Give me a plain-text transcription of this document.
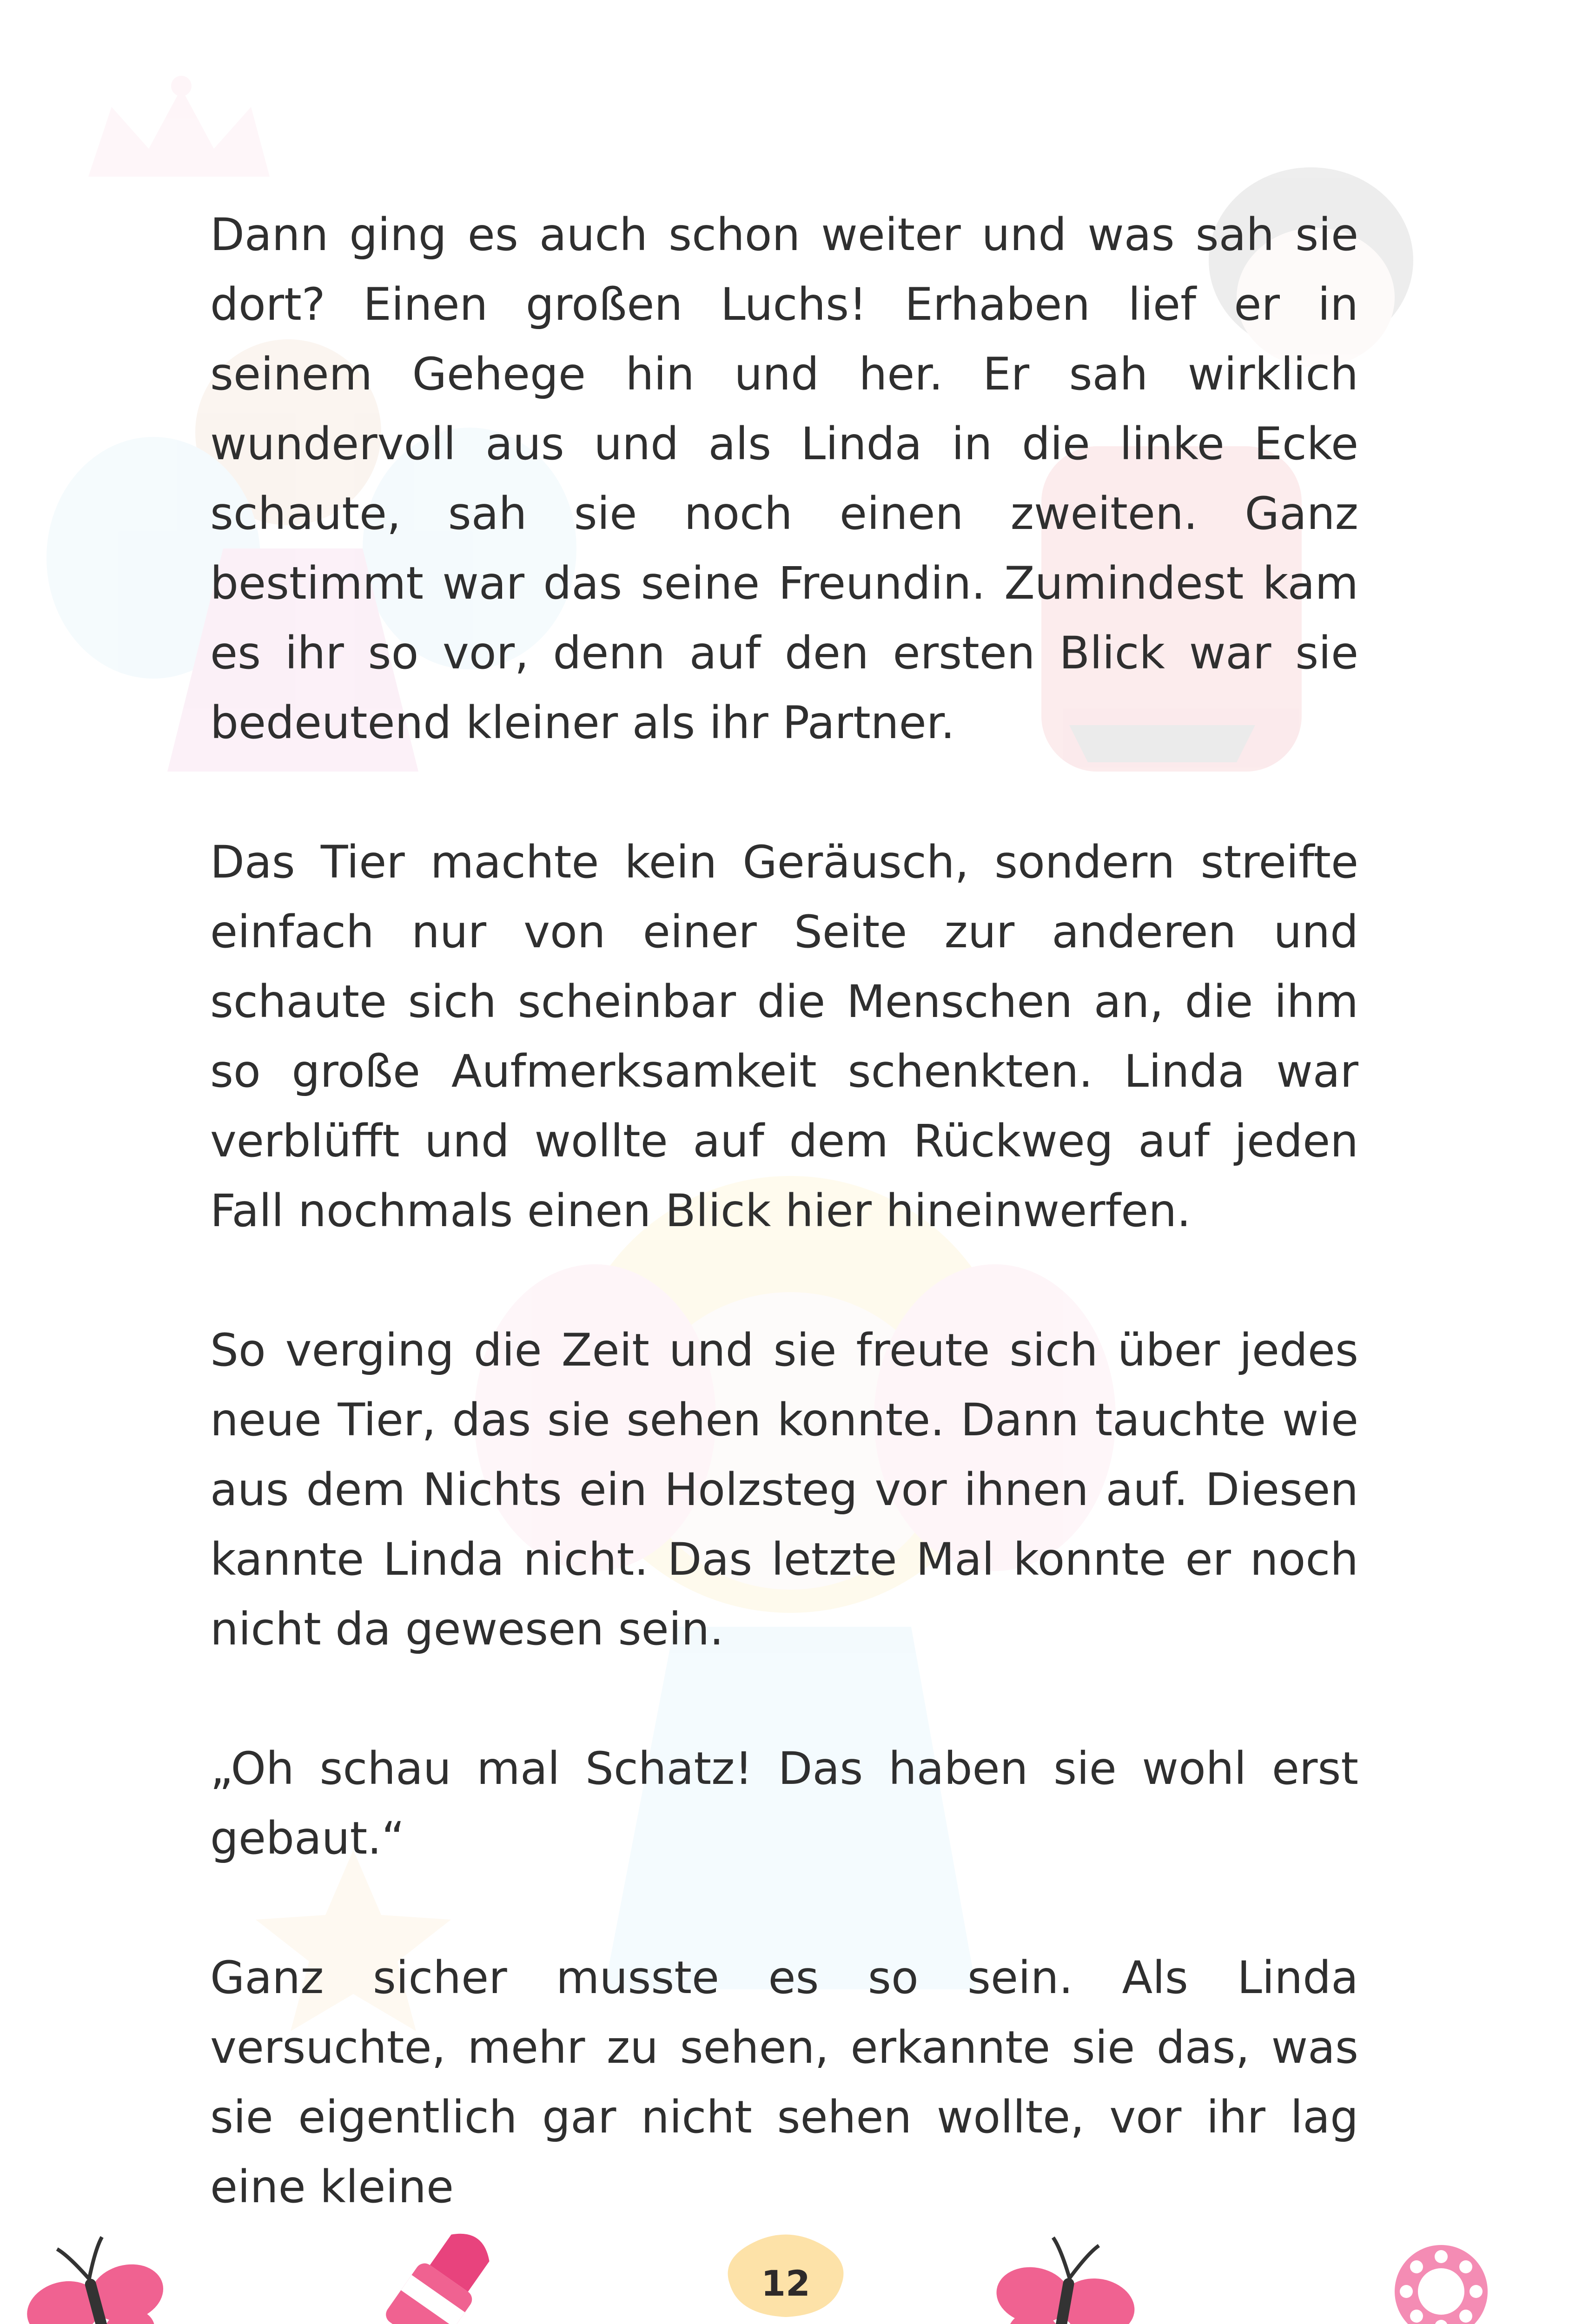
Dann ging es auch schon weiter und was sah sie dort? Einen großen Luchs! Erhaben lief er in seinem Gehege hin und her. Er sah wirklich wundervoll aus und als Linda in die linke Ecke schaute, sah sie noch einen zweiten. Ganz bestimmt war das seine Freundin. Zumindest kam es ihr so vor, denn auf den ersten Blick war sie bedeutend kleiner als ihr Partner.

Das Tier machte kein Geräusch, sondern streifte einfach nur von einer Seite zur anderen und schaute sich scheinbar die Menschen an, die ihm so große Aufmerksamkeit schenkten. Linda war verblüfft und wollte auf dem Rückweg auf jeden Fall nochmals einen Blick hier hineinwerfen.

So verging die Zeit und sie freute sich über jedes neue Tier, das sie sehen konnte. Dann tauchte wie aus dem Nichts ein Holzsteg vor ihnen auf. Diesen kannte Linda nicht. Das letzte Mal konnte er noch nicht da gewesen sein.

„Oh schau mal Schatz! Das haben sie wohl erst gebaut.“

Ganz sicher musste es so sein. Als Linda versuchte, mehr zu sehen, erkannte sie das, was sie eigentlich gar nicht sehen wollte, vor ihr lag eine kleine

12
